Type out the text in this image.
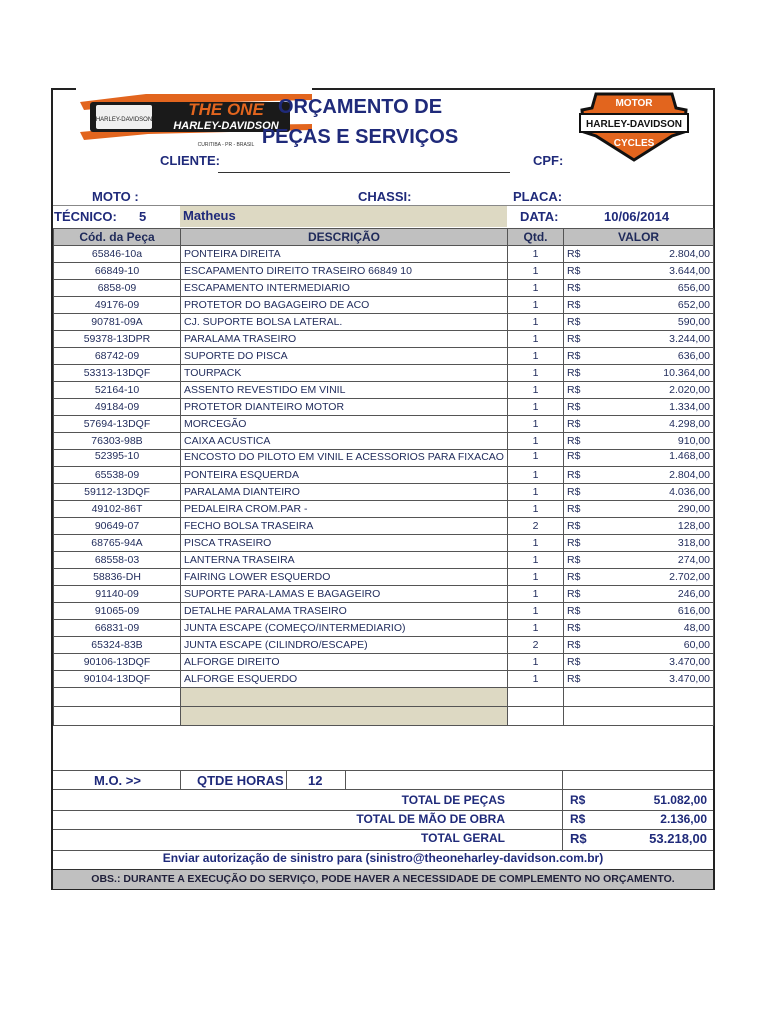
HARLEY-DAVIDSON
THE ONE
HARLEY-DAVIDSON
CURITIBA - PR - BRASIL
ORÇAMENTO DE
PEÇAS E SERVIÇOS
MOTOR
HARLEY-DAVIDSON
CYCLES
CLIENTE:	CPF:
MOTO :	CHASSI:	PLACA:
TÉCNICO: 5	Matheus	DATA:	10/06/2014
Cód. da Peça	DESCRIÇÃO	Qtd.	VALOR	
65846-10a	PONTEIRA DIREITA	1	R$	2.804,00
66849-10	ESCAPAMENTO DIREITO TRASEIRO 66849 10	1	R$	3.644,00
6858-09	ESCAPAMENTO INTERMEDIARIO	1	R$	656,00
49176-09	PROTETOR DO BAGAGEIRO DE ACO	1	R$	652,00
90781-09A	CJ. SUPORTE BOLSA LATERAL.	1	R$	590,00
59378-13DPR	PARALAMA TRASEIRO	1	R$	3.244,00
68742-09	SUPORTE DO PISCA	1	R$	636,00
53313-13DQF	TOURPACK	1	R$	10.364,00
52164-10	ASSENTO REVESTIDO EM VINIL	1	R$	2.020,00
49184-09	PROTETOR DIANTEIRO MOTOR	1	R$	1.334,00
57694-13DQF	MORCEGÃO	1	R$	4.298,00
76303-98B	CAIXA ACUSTICA	1	R$	910,00
52395-10	ENCOSTO DO PILOTO EM VINIL E ACESSORIOS PARA FIXACAO	1	R$	1.468,00
65538-09	PONTEIRA ESQUERDA	1	R$	2.804,00
59112-13DQF	PARALAMA DIANTEIRO	1	R$	4.036,00
49102-86T	PEDALEIRA CROM.PAR -	1	R$	290,00
90649-07	FECHO BOLSA TRASEIRA	2	R$	128,00
68765-94A	PISCA TRASEIRO	1	R$	318,00
68558-03	LANTERNA TRASEIRA	1	R$	274,00
58836-DH	FAIRING LOWER ESQUERDO	1	R$	2.702,00
91140-09	SUPORTE PARA-LAMAS E BAGAGEIRO	1	R$	246,00
91065-09	DETALHE PARALAMA TRASEIRO	1	R$	616,00
66831-09	JUNTA ESCAPE (COMEÇO/INTERMEDIARIO)	1	R$	48,00
65324-83B	JUNTA ESCAPE (CILINDRO/ESCAPE)	2	R$	60,00
90106-13DQF	ALFORGE DIREITO	1	R$	3.470,00
90104-13DQF	ALFORGE ESQUERDO	1	R$	3.470,00

M.O. >>	QTDE HORAS 12
TOTAL DE PEÇAS	R$	51.082,00
TOTAL DE MÃO DE OBRA	R$	2.136,00
TOTAL GERAL	R$	53.218,00
Enviar autorização de sinistro para (sinistro@theoneharley-davidson.com.br)
OBS.: DURANTE A EXECUÇÃO DO SERVIÇO, PODE HAVER A NECESSIDADE DE COMPLEMENTO NO ORÇAMENTO.
